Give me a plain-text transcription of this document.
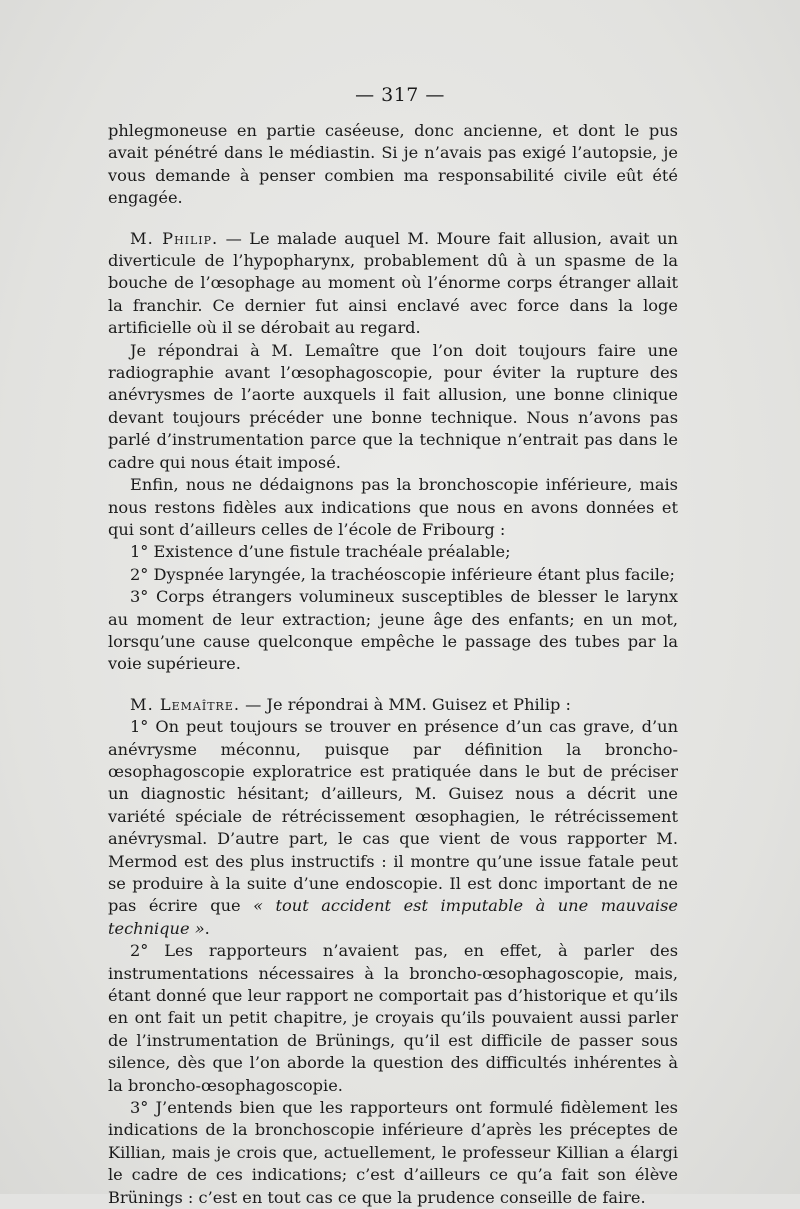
— 317 —

phlegmoneuse en partie caséeuse, donc ancienne, et dont le pus avait pénétré dans le médiastin. Si je n’avais pas exigé l’autopsie, je vous demande à penser combien ma responsabilité civile eût été engagée.

M. Philip. — Le malade auquel M. Moure fait allusion, avait un diverticule de l’hypopharynx, probablement dû à un spasme de la bouche de l’œsophage au moment où l’énorme corps étranger allait la franchir. Ce dernier fut ainsi enclavé avec force dans la loge artificielle où il se dérobait au regard.

Je répondrai à M. Lemaître que l’on doit toujours faire une radiographie avant l’œsophagoscopie, pour éviter la rupture des anévrysmes de l’aorte auxquels il fait allusion, une bonne clinique devant toujours précéder une bonne technique. Nous n’avons pas parlé d’instrumentation parce que la technique n’entrait pas dans le cadre qui nous était imposé.

Enfin, nous ne dédaignons pas la bronchoscopie inférieure, mais nous restons fidèles aux indications que nous en avons données et qui sont d’ailleurs celles de l’école de Fribourg :

1° Existence d’une fistule trachéale préalable;

2° Dyspnée laryngée, la trachéoscopie inférieure étant plus facile;

3° Corps étrangers volumineux susceptibles de blesser le larynx au moment de leur extraction; jeune âge des enfants; en un mot, lorsqu’une cause quelconque empêche le passage des tubes par la voie supérieure.

M. Lemaître. — Je répondrai à MM. Guisez et Philip :

1° On peut toujours se trouver en présence d’un cas grave, d’un anévrysme méconnu, puisque par définition la broncho-œsophagoscopie exploratrice est pratiquée dans le but de préciser un diagnostic hésitant; d’ailleurs, M. Guisez nous a décrit une variété spéciale de rétrécissement œsophagien, le rétrécissement anévrysmal. D’autre part, le cas que vient de vous rapporter M. Mermod est des plus instructifs : il montre qu’une issue fatale peut se produire à la suite d’une endoscopie. Il est donc important de ne pas écrire que « tout accident est imputable à une mauvaise technique ».

2° Les rapporteurs n’avaient pas, en effet, à parler des instrumentations nécessaires à la broncho-œsophagoscopie, mais, étant donné que leur rapport ne comportait pas d’historique et qu’ils en ont fait un petit chapitre, je croyais qu’ils pouvaient aussi parler de l’instrumentation de Brünings, qu’il est difficile de passer sous silence, dès que l’on aborde la question des difficultés inhérentes à la broncho-œsophagoscopie.

3° J’entends bien que les rapporteurs ont formulé fidèlement les indications de la bronchoscopie inférieure d’après les préceptes de Killian, mais je crois que, actuellement, le professeur Killian a élargi le cadre de ces indications; c’est d’ailleurs ce qu’a fait son élève Brünings : c’est en tout cas ce que la prudence conseille de faire.
